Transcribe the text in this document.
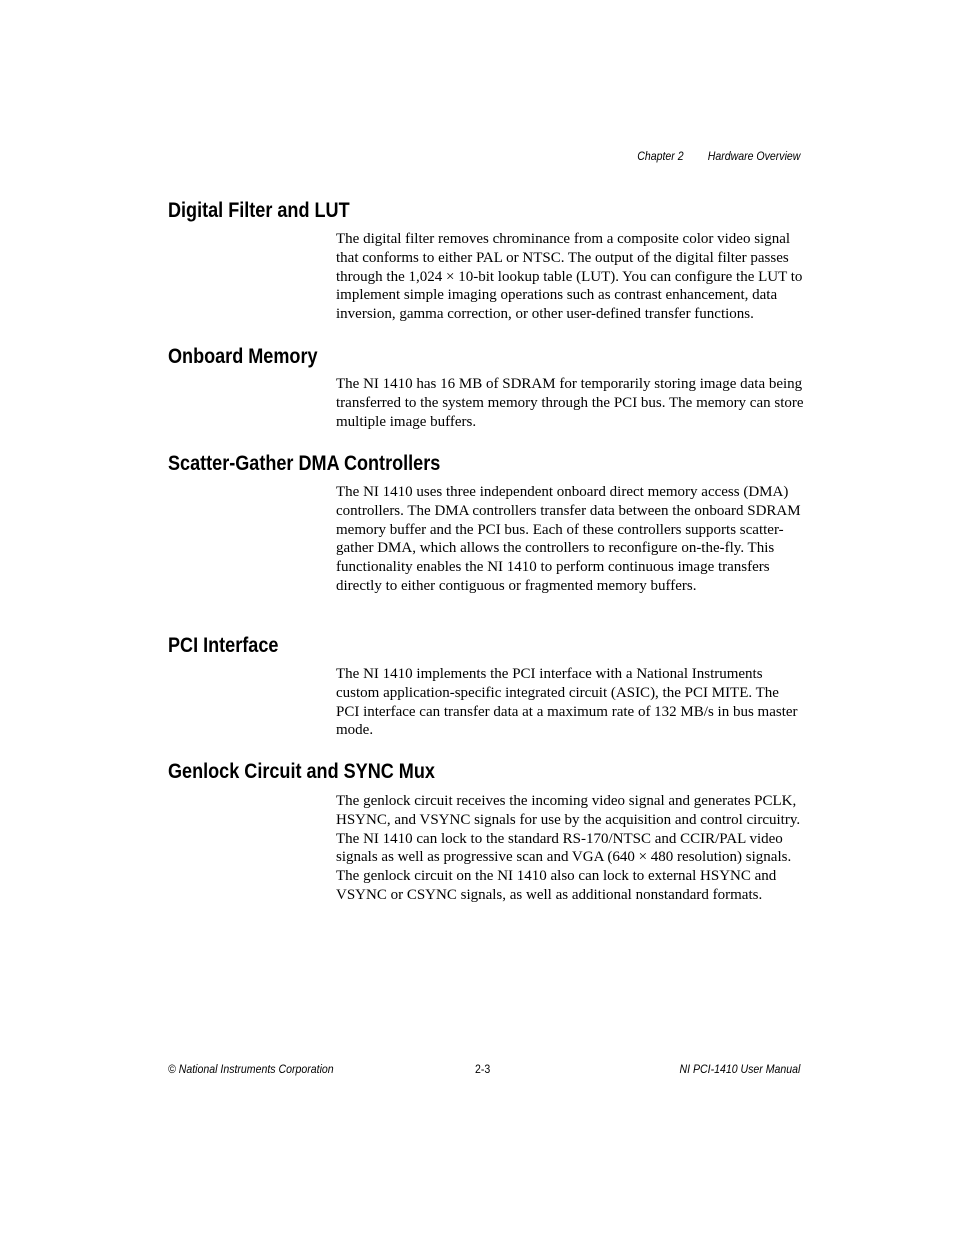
Chapter 2 Hardware Overview
Digital Filter and LUT

The digital filter removes chrominance from a composite color video signal that conforms to either PAL or NTSC. The output of the digital filter passes through the 1,024 × 10-bit lookup table (LUT). You can configure the LUT to implement simple imaging operations such as contrast enhancement, data inversion, gamma correction, or other user-defined transfer functions.

Onboard Memory

The NI 1410 has 16 MB of SDRAM for temporarily storing image data being transferred to the system memory through the PCI bus. The memory can store multiple image buffers.

Scatter-Gather DMA Controllers

The NI 1410 uses three independent onboard direct memory access (DMA) controllers. The DMA controllers transfer data between the onboard SDRAM memory buffer and the PCI bus. Each of these controllers supports scatter-gather DMA, which allows the controllers to reconfigure on-the-fly. This functionality enables the NI 1410 to perform continuous image transfers directly to either contiguous or fragmented memory buffers.

PCI Interface

The NI 1410 implements the PCI interface with a National Instruments custom application-specific integrated circuit (ASIC), the PCI MITE. The PCI interface can transfer data at a maximum rate of 132 MB/s in bus master mode.

Genlock Circuit and SYNC Mux

The genlock circuit receives the incoming video signal and generates PCLK, HSYNC, and VSYNC signals for use by the acquisition and control circuitry. The NI 1410 can lock to the standard RS-170/NTSC and CCIR/PAL video signals as well as progressive scan and VGA (640 × 480 resolution) signals. The genlock circuit on the NI 1410 also can lock to external HSYNC and VSYNC or CSYNC signals, as well as additional nonstandard formats.

© National Instruments Corporation	2-3	NI PCI-1410 User Manual
